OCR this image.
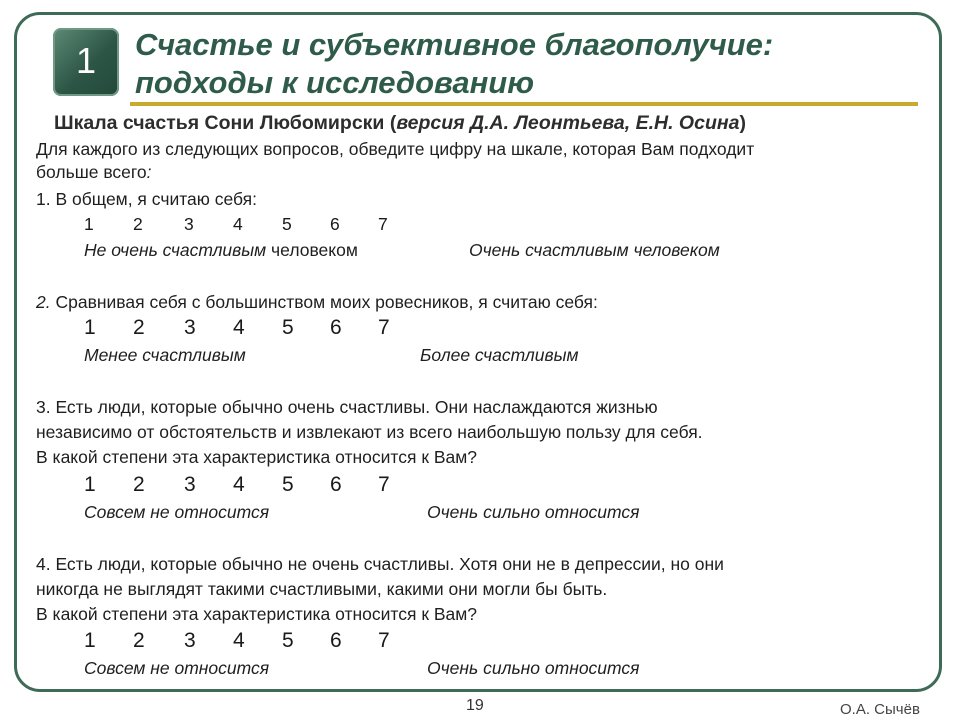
1	Счастье и субъективное благополучие:
подходы к исследованию
Шкала счастья Сони Любомирски (версия Д.А. Леонтьева, Е.Н. Осина)
Для каждого из следующих вопросов, обведите цифру на шкале, которая Вам подходит
больше всего:
1. В общем, я считаю себя:
1 2 3 4 5 6 7
Не очень счастливым человеком	Очень счастливым человеком
2. Сравнивая себя с большинством моих ровесников, я считаю себя:
1 2 3 4 5 6 7
Менее счастливым	Более счастливым
3. Есть люди, которые обычно очень счастливы. Они наслаждаются жизнью
независимо от обстоятельств и извлекают из всего наибольшую пользу для себя.
В какой степени эта характеристика относится к Вам?
1 2 3 4 5 6 7
Совсем не относится	Очень сильно относится
4. Есть люди, которые обычно не очень счастливы. Хотя они не в депрессии, но они
никогда не выглядят такими счастливыми, какими они могли бы быть.
В какой степени эта характеристика относится к Вам?
1 2 3 4 5 6 7
Совсем не относится	Очень сильно относится
19	О.А. Сычёв
